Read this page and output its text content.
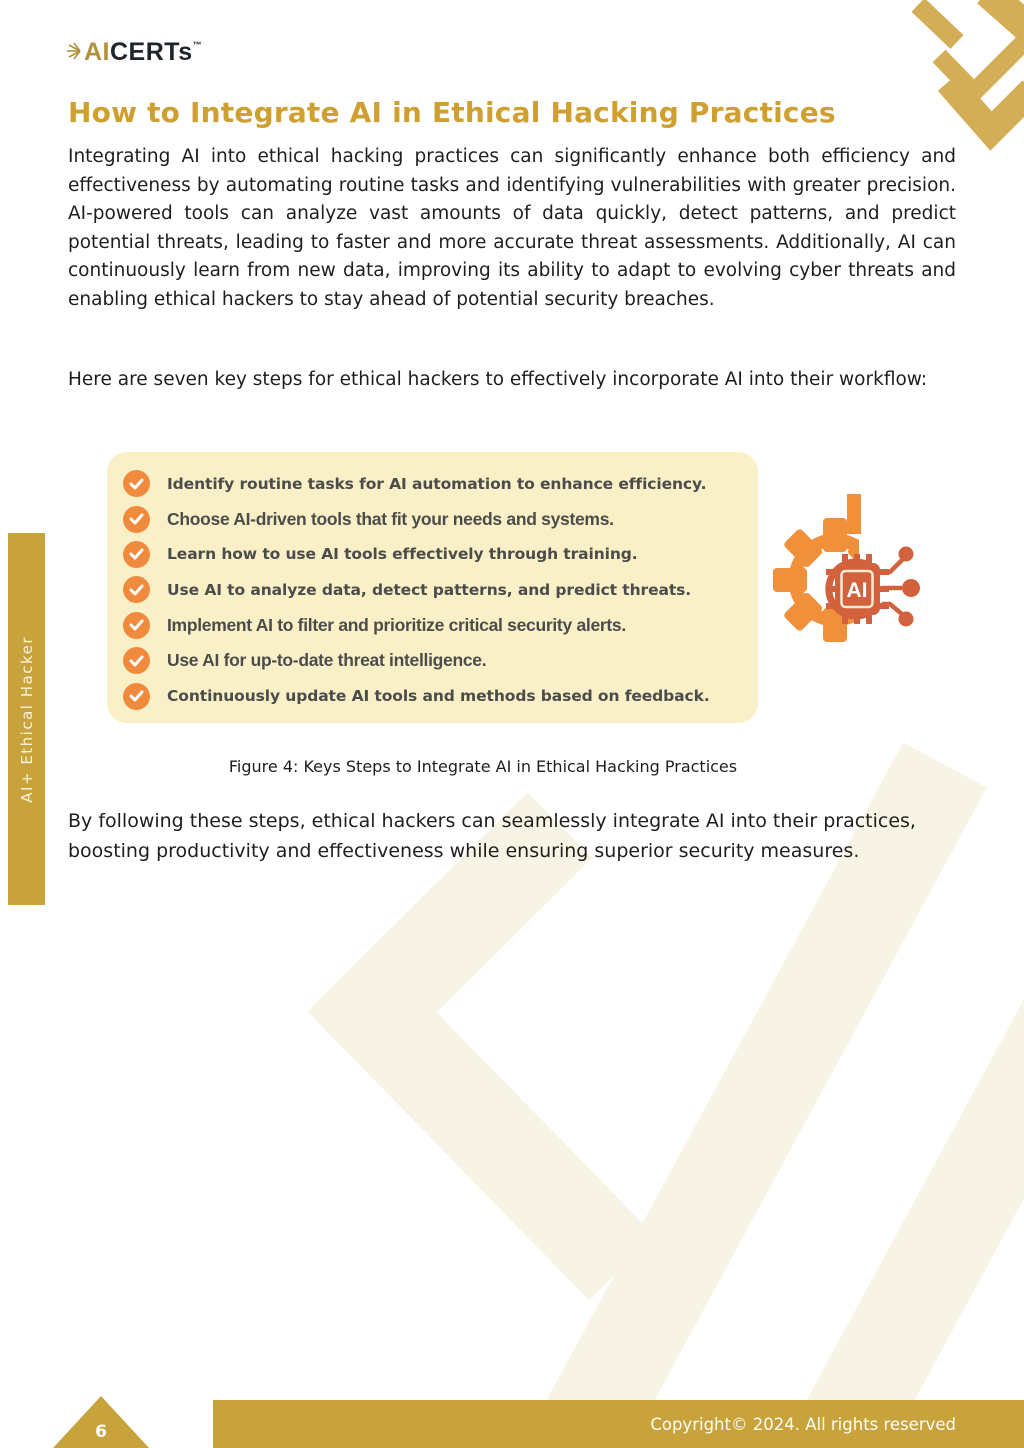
AI CERTs ™
How to Integrate AI in Ethical Hacking Practices
Integrating AI into ethical hacking practices can significantly enhance both efficiency and effectiveness by automating routine tasks and identifying vulnerabilities with greater precision. AI-powered tools can analyze vast amounts of data quickly, detect patterns, and predict potential threats, leading to faster and more accurate threat assessments. Additionally, AI can continuously learn from new data, improving its ability to adapt to evolving cyber threats and enabling ethical hackers to stay ahead of potential security breaches.
Here are seven key steps for ethical hackers to effectively incorporate AI into their workflow:
Identify routine tasks for AI automation to enhance efficiency.
Choose AI-driven tools that fit your needs and systems.
Learn how to use AI tools effectively through training.
Use AI to analyze data, detect patterns, and predict threats.
Implement AI to filter and prioritize critical security alerts.
Use AI for up-to-date threat intelligence.
Continuously update AI tools and methods based on feedback.
AI
Figure 4: Keys Steps to Integrate AI in Ethical Hacking Practices
By following these steps, ethical hackers can seamlessly integrate AI into their practices, boosting productivity and effectiveness while ensuring superior security measures.
AI+ Ethical Hacker
Copyright© 2024. All rights reserved
6
